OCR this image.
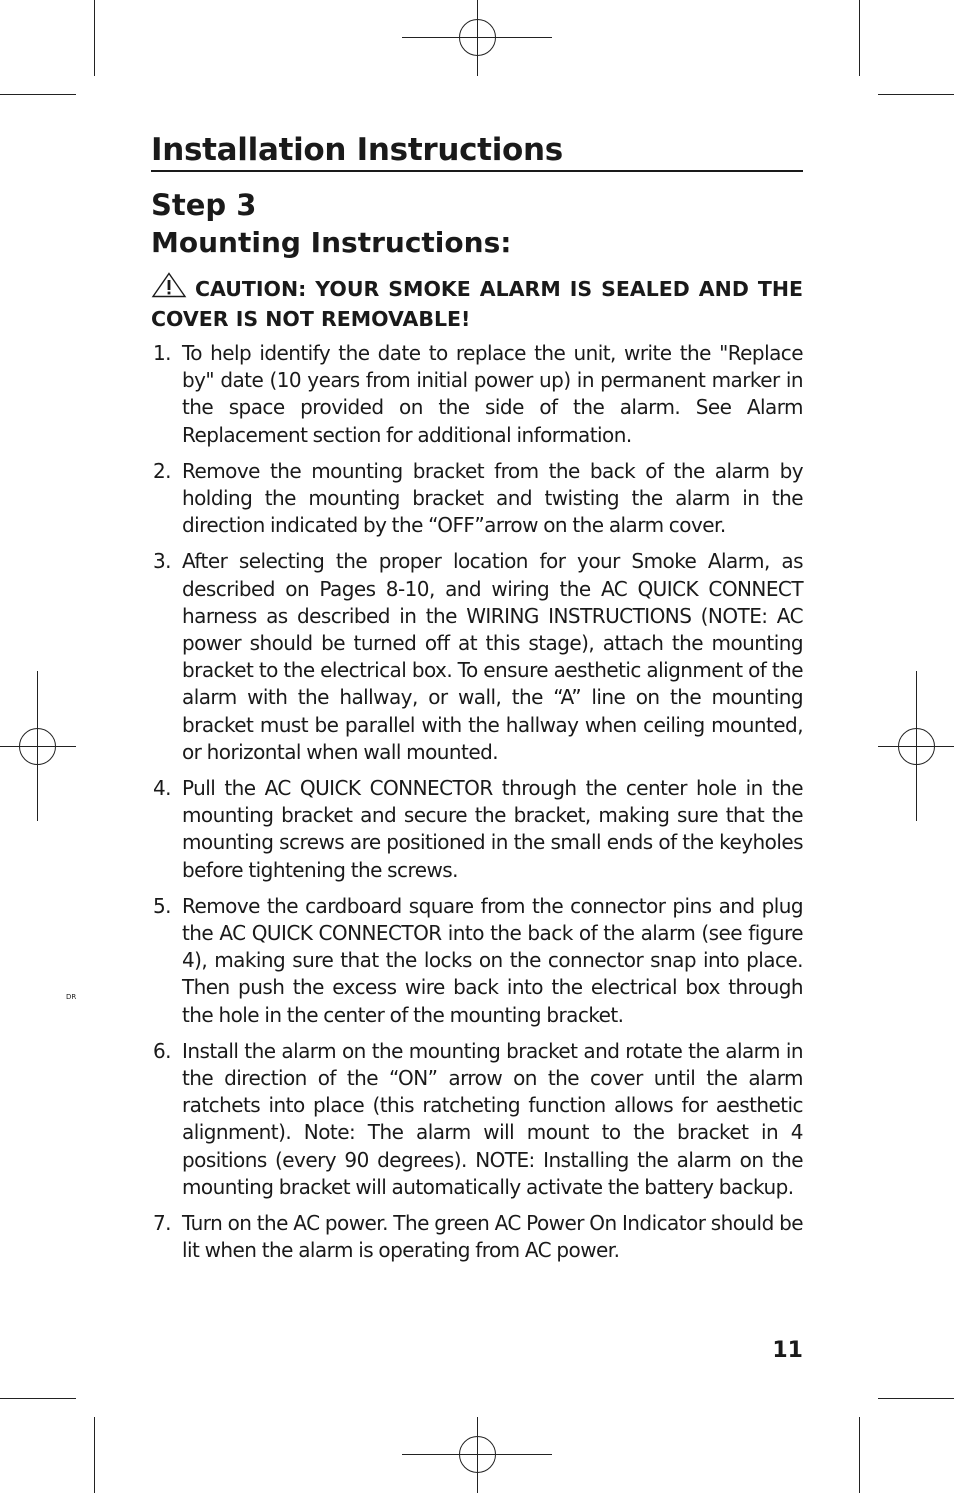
DR
Installation Instructions
Step 3
Mounting Instructions:

CAUTION: YOUR SMOKE ALARM IS SEALED AND THE COVER IS NOT REMOVABLE!

1. To help identify the date to replace the unit, write the "Replace by" date (10 years from initial power up) in permanent marker in the space provided on the side of the alarm. See Alarm Replacement section for additional information.
2. Remove the mounting bracket from the back of the alarm by holding the mounting bracket and twisting the alarm in the direction indicated by the “OFF”arrow on the alarm cover.
3. After selecting the proper location for your Smoke Alarm, as described on Pages 8-10, and wiring the AC QUICK CONNECT harness as described in the WIRING INSTRUCTIONS (NOTE: AC power should be turned off at this stage), attach the mounting bracket to the electrical box. To ensure aesthetic alignment of the alarm with the hallway, or wall, the “A” line on the mounting bracket must be parallel with the hallway when ceiling mounted, or horizontal when wall mounted.
4. Pull the AC QUICK CONNECTOR through the center hole in the mounting bracket and secure the bracket, making sure that the mounting screws are positioned in the small ends of the keyholes before tightening the screws.
5. Remove the cardboard square from the connector pins and plug the AC QUICK CONNECTOR into the back of the alarm (see figure 4), making sure that the locks on the connector snap into place. Then push the excess wire back into the electrical box through the hole in the center of the mounting bracket.
6. Install the alarm on the mounting bracket and rotate the alarm in the direction of the “ON” arrow on the cover until the alarm ratchets into place (this ratcheting function allows for aesthetic alignment). Note: The alarm will mount to the bracket in 4 positions (every 90 degrees). NOTE: Installing the alarm on the mounting bracket will automatically activate the battery backup.
7. Turn on the AC power. The green AC Power On Indicator should be lit when the alarm is operating from AC power.
11
